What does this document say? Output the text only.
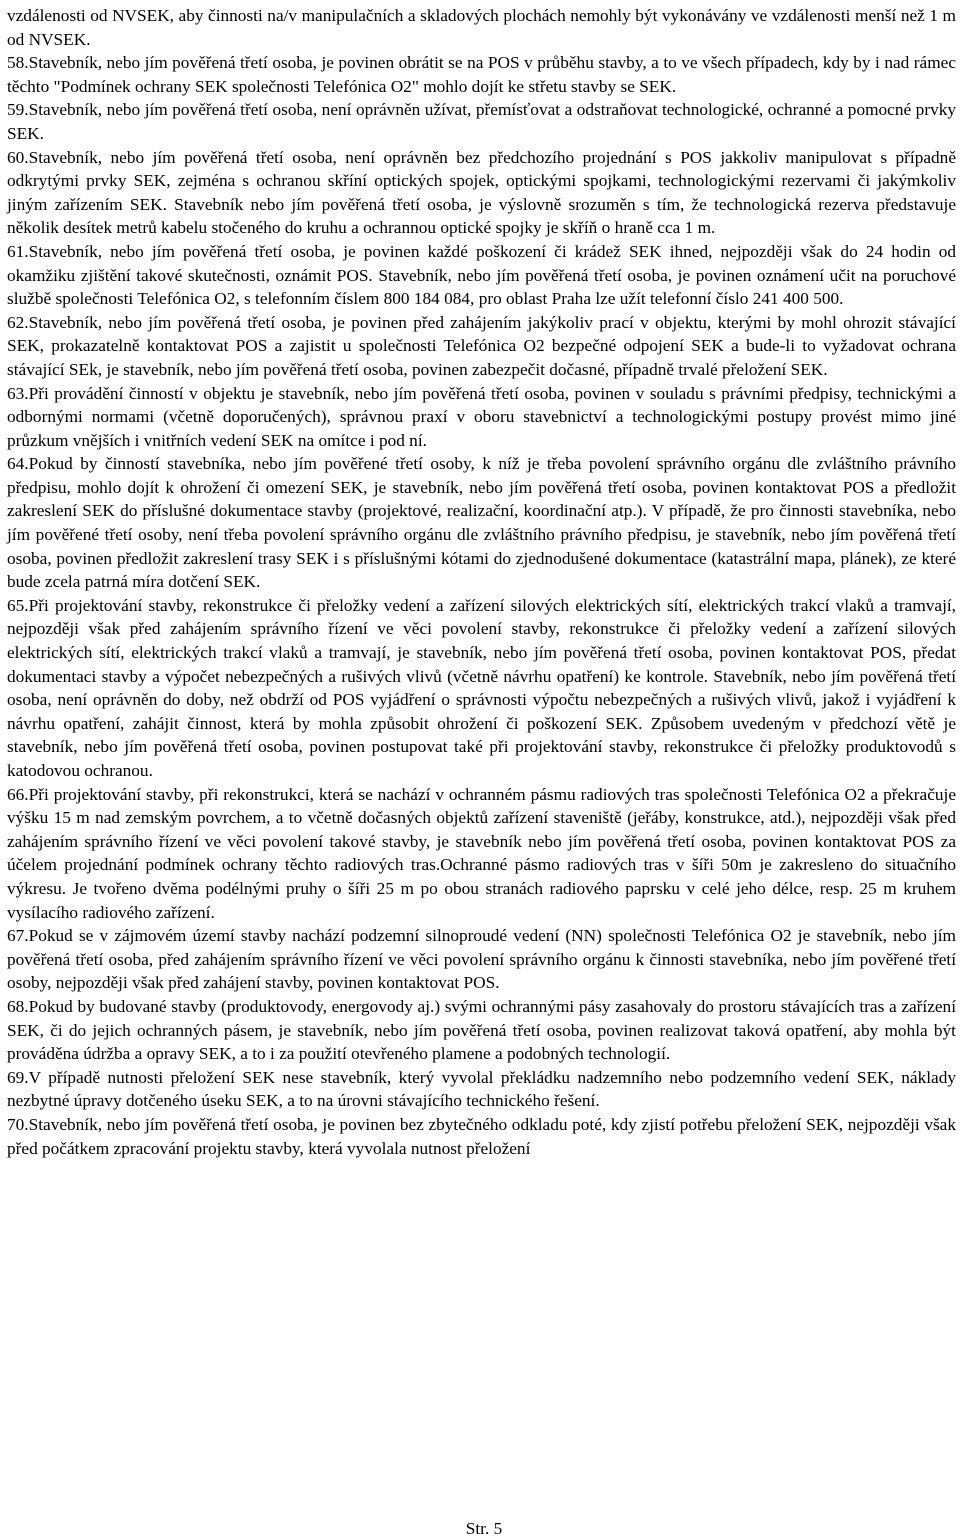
vzdálenosti od NVSEK, aby činnosti na/v manipulačních a skladových plochách nemohly být vykonávány ve vzdálenosti menší než 1 m od NVSEK.

58.Stavebník, nebo jím pověřená třetí osoba, je povinen obrátit se na POS v průběhu stavby, a to ve všech případech, kdy by i nad rámec těchto "Podmínek ochrany SEK společnosti Telefónica O2" mohlo dojít ke střetu stavby se SEK.

59.Stavebník, nebo jím pověřená třetí osoba, není oprávněn užívat, přemísťovat a odstraňovat technologické, ochranné a pomocné prvky SEK.

60.Stavebník, nebo jím pověřená třetí osoba, není oprávněn bez předchozího projednání s POS jakkoliv manipulovat s případně odkrytými prvky SEK, zejména s ochranou skříní optických spojek, optickými spojkami, technologickými rezervami či jakýmkoliv jiným zařízením SEK. Stavebník nebo jím pověřená třetí osoba, je výslovně srozuměn s tím, že technologická rezerva představuje několik desítek metrů kabelu stočeného do kruhu a ochrannou optické spojky je skříň o hraně cca 1 m.

61.Stavebník, nebo jím pověřená třetí osoba, je povinen každé poškození či krádež SEK ihned, nejpozději však do 24 hodin od okamžiku zjištění takové skutečnosti, oznámit POS. Stavebník, nebo jím pověřená třetí osoba, je povinen oznámení učit na poruchové službě společnosti Telefónica O2, s telefonním číslem 800 184 084, pro oblast Praha lze užít telefonní číslo 241 400 500.

62.Stavebník, nebo jím pověřená třetí osoba, je povinen před zahájením jakýkoliv prací v objektu, kterými by mohl ohrozit stávající SEK, prokazatelně kontaktovat POS a zajistit u společnosti Telefónica O2 bezpečné odpojení SEK a bude-li to vyžadovat ochrana stávající SEk, je stavebník, nebo jím pověřená třetí osoba, povinen zabezpečit dočasné, případně trvalé přeložení SEK.

63.Při provádění činností v objektu je stavebník, nebo jím pověřená třetí osoba, povinen v souladu s právními předpisy, technickými a odbornými normami (včetně doporučených), správnou praxí v oboru stavebnictví a technologickými postupy provést mimo jiné průzkum vnějších i vnitřních vedení SEK na omítce i pod ní.

64.Pokud by činností stavebníka, nebo jím pověřené třetí osoby, k níž je třeba povolení správního orgánu dle zvláštního právního předpisu, mohlo dojít k ohrožení či omezení SEK, je stavebník, nebo jím pověřená třetí osoba, povinen kontaktovat POS a předložit zakreslení SEK do příslušné dokumentace stavby (projektové, realizační, koordinační atp.). V případě, že pro činnosti stavebníka, nebo jím pověřené třetí osoby, není třeba povolení správního orgánu dle zvláštního právního předpisu, je stavebník, nebo jím pověřená třetí osoba, povinen předložit zakreslení trasy SEK i s příslušnými kótami do zjednodušené dokumentace (katastrální mapa, plánek), ze které bude zcela patrná míra dotčení SEK.

65.Při projektování stavby, rekonstrukce či přeložky vedení a zařízení silových elektrických sítí, elektrických trakcí vlaků a tramvají, nejpozději však před zahájením správního řízení ve věci povolení stavby, rekonstrukce či přeložky vedení a zařízení silových elektrických sítí, elektrických trakcí vlaků a tramvají, je stavebník, nebo jím pověřená třetí osoba, povinen kontaktovat POS, předat dokumentaci stavby a výpočet nebezpečných a rušivých vlivů (včetně návrhu opatření) ke kontrole. Stavebník, nebo jím pověřená třetí osoba, není oprávněn do doby, než obdrží od POS vyjádření o správnosti výpočtu nebezpečných a rušivých vlivů, jakož i vyjádření k návrhu opatření, zahájit činnost, která by mohla způsobit ohrožení či poškození SEK. Způsobem uvedeným v předchozí větě je stavebník, nebo jím pověřená třetí osoba, povinen postupovat také při projektování stavby, rekonstrukce či přeložky produktovodů s katodovou ochranou.

66.Při projektování stavby, při rekonstrukci, která se nachází v ochranném pásmu radiových tras společnosti Telefónica O2 a překračuje výšku 15 m nad zemským povrchem, a to včetně dočasných objektů zařízení staveniště (jeřáby, konstrukce, atd.), nejpozději však před zahájením správního řízení ve věci povolení takové stavby, je stavebník nebo jím pověřená třetí osoba, povinen kontaktovat POS za účelem projednání podmínek ochrany těchto radiových tras.Ochranné pásmo radiových tras v šíři 50m je zakresleno do situačního výkresu. Je tvořeno dvěma podélnými pruhy o šíři 25 m po obou stranách radiového paprsku v celé jeho délce, resp. 25 m kruhem vysílacího radiového zařízení.

67.Pokud se v zájmovém území stavby nachází podzemní silnoproudé vedení (NN) společnosti Telefónica O2 je stavebník, nebo jím pověřená třetí osoba, před zahájením správního řízení ve věci povolení správního orgánu k činnosti stavebníka, nebo jím pověřené třetí osoby, nejpozději však před zahájení stavby, povinen kontaktovat POS.

68.Pokud by budované stavby (produktovody, energovody aj.) svými ochrannými pásy zasahovaly do prostoru stávajících tras a zařízení SEK, či do jejich ochranných pásem, je stavebník, nebo jím pověřená třetí osoba, povinen realizovat taková opatření, aby mohla být prováděna údržba a opravy SEK, a to i za použití otevřeného plamene a podobných technologií.

69.V případě nutnosti přeložení SEK nese stavebník, který vyvolal překládku nadzemního nebo podzemního vedení SEK, náklady nezbytné úpravy dotčeného úseku SEK, a to na úrovni stávajícího technického řešení.

70.Stavebník, nebo jím pověřená třetí osoba, je povinen bez zbytečného odkladu poté, kdy zjistí potřebu přeložení SEK, nejpozději však před počátkem zpracování projektu stavby, která vyvolala nutnost přeložení

Str. 5
